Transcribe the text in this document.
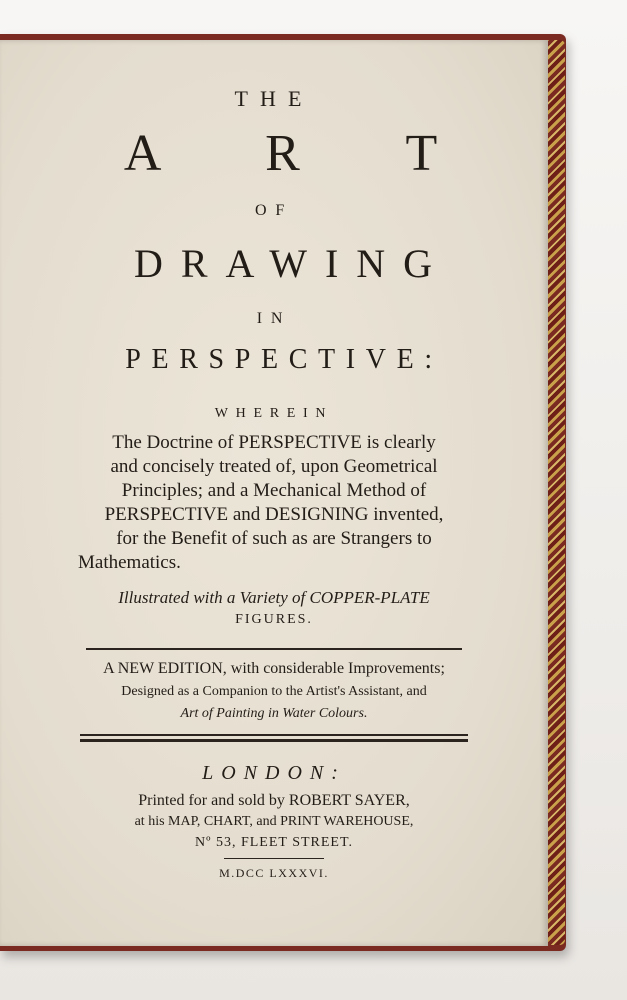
THE
A R T
OF
DRAWING
IN
PERSPECTIVE:
WHEREIN
The Doctrine of PERSPECTIVE is clearly
and concisely treated of, upon Geometrical
Principles; and a Mechanical Method of
PERSPECTIVE and DESIGNING invented,
for the Benefit of such as are Strangers to
Mathematics.
Illustrated with a Variety of COPPER-PLATE
FIGURES.
A NEW EDITION, with considerable Improvements;
Designed as a Companion to the Artist's Assistant, and
Art of Painting in Water Colours.
LONDON:
Printed for and sold by ROBERT SAYER,
at his MAP, CHART, and PRINT WAREHOUSE,
Nº 53, FLEET STREET.
M.DCC LXXXVI.
